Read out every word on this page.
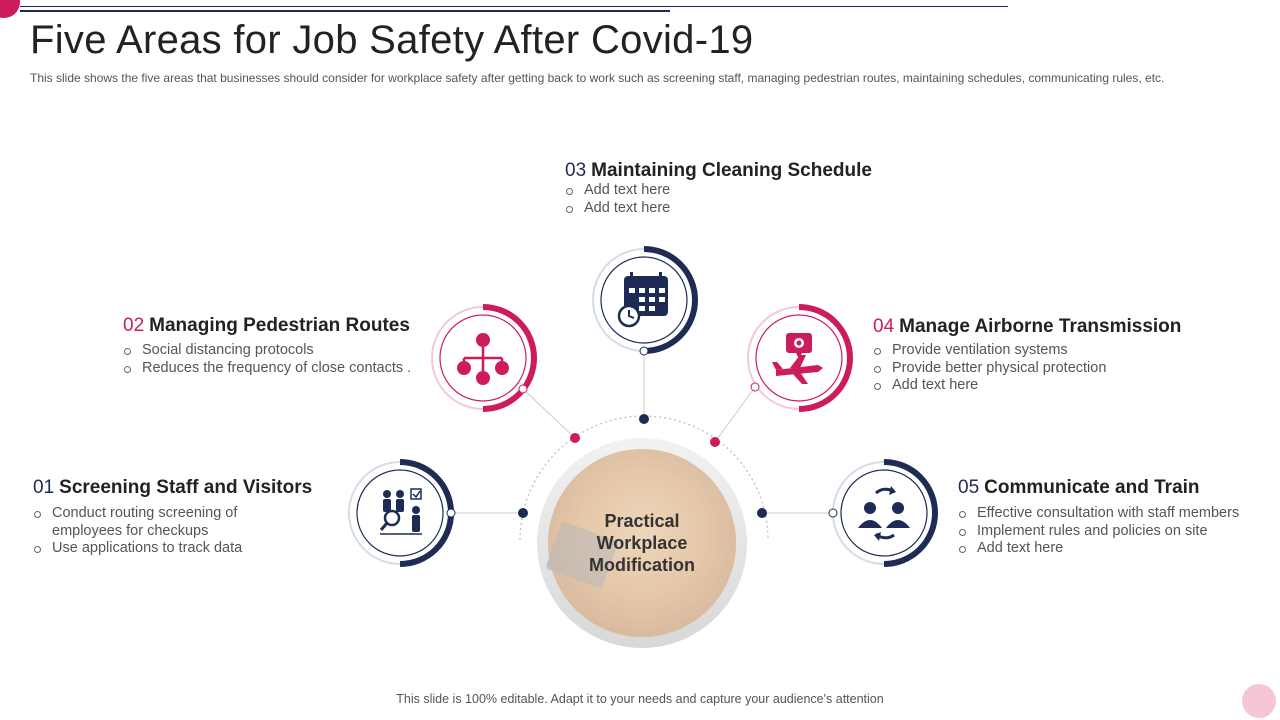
Five Areas for Job Safety After Covid-19
This slide shows the five areas that businesses should consider for workplace safety after getting back to work such as screening staff, managing pedestrian routes, maintaining schedules, communicating rules, etc.
Practical
Workplace
Modification
01 Screening Staff and Visitors
Conduct routing screening of employees for checkups
Use applications to track data
02 Managing Pedestrian Routes
Social distancing protocols
Reduces the frequency of close contacts .
03 Maintaining Cleaning Schedule
Add text here
Add text here
04 Manage Airborne Transmission
Provide ventilation systems
Provide better physical protection
Add text here
05 Communicate and Train
Effective consultation with staff members
Implement rules and policies on site
Add text here
This slide is 100% editable. Adapt it to your needs and capture your audience's attention
